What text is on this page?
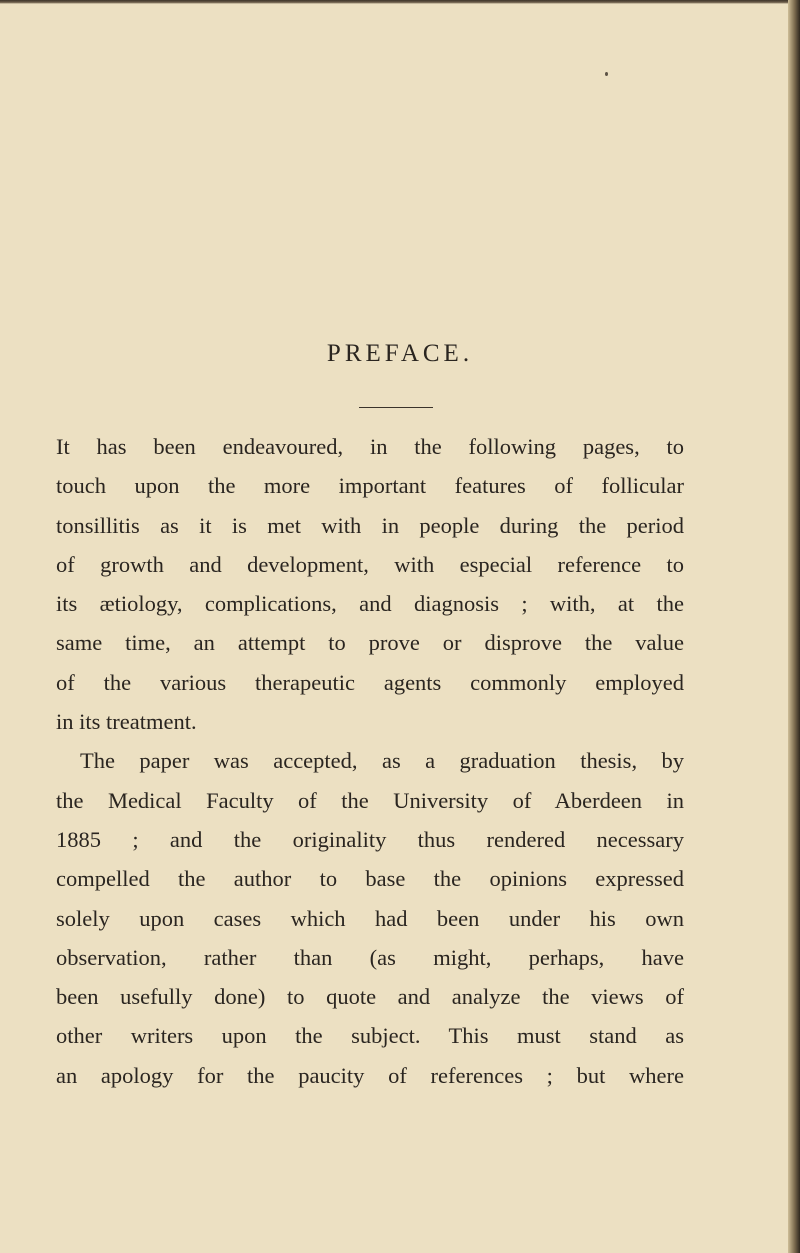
PREFACE.
It has been endeavoured, in the following pages, to
touch upon the more important features of follicular
tonsillitis as it is met with in people during the period
of growth and development, with especial reference to
its ætiology, complications, and diagnosis ; with, at the
same time, an attempt to prove or disprove the value
of the various therapeutic agents commonly employed
in its treatment.
The paper was accepted, as a graduation thesis, by
the Medical Faculty of the University of Aberdeen in
1885 ; and the originality thus rendered necessary
compelled the author to base the opinions expressed
solely upon cases which had been under his own
observation, rather than (as might, perhaps, have
been usefully done) to quote and analyze the views of
other writers upon the subject. This must stand as
an apology for the paucity of references ; but where
